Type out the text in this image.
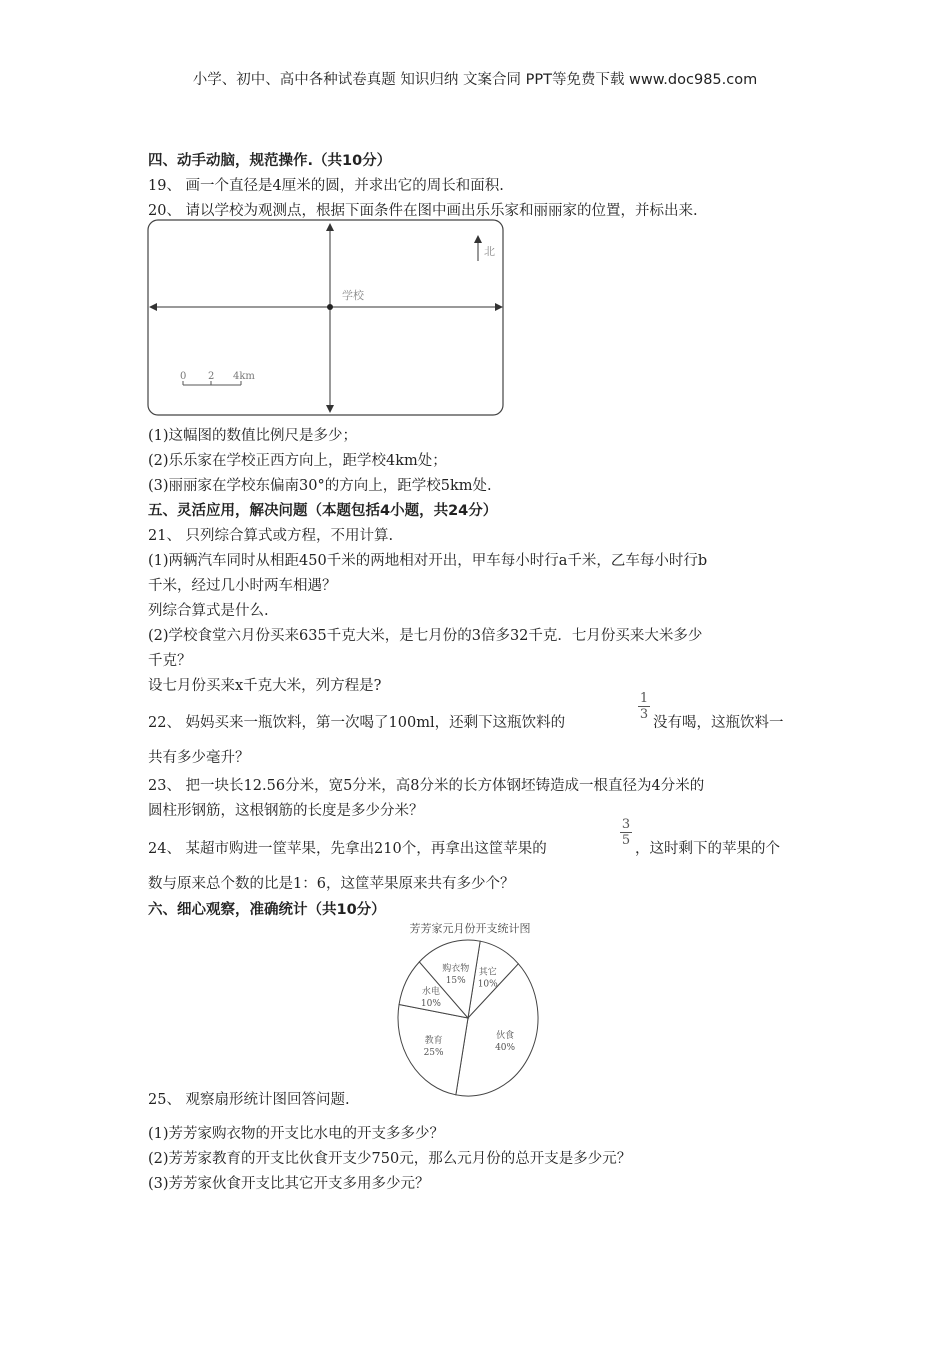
小学、初中、高中各种试卷真题 知识归纳 文案合同 PPT等免费下载 www.doc985.com
四、动手动脑，规范操作.（共10分）
19、 画一个直径是4厘米的圆，并求出它的周长和面积.
20、 请以学校为观测点，根据下面条件在图中画出乐乐家和丽丽家的位置，并标出来.
学校
北
0 2 4km
(1)这幅图的数值比例尺是多少；
(2)乐乐家在学校正西方向上，距学校4km处；
(3)丽丽家在学校东偏南30°的方向上，距学校5km处.
五、灵活应用，解决问题（本题包括4小题，共24分）
21、 只列综合算式或方程，不用计算.
(1)两辆汽车同时从相距450千米的两地相对开出，甲车每小时行a千米，乙车每小时行b
千米，经过几小时两车相遇？
列综合算式是什么.
(2)学校食堂六月份买来635千克大米，是七月份的3倍多32千克．七月份买来大米多少
千克？
设七月份买来x千克大米，列方程是?
22、 妈妈买来一瓶饮料，第一次喝了100ml，还剩下这瓶饮料的
1
3
没有喝，这瓶饮料一
共有多少毫升？
23、 把一块长12.56分米，宽5分米，高8分米的长方体钢坯铸造成一根直径为4分米的
圆柱形钢筋，这根钢筋的长度是多少分米？
24、 某超市购进一筐苹果，先拿出210个，再拿出这筐苹果的
3
5
，这时剩下的苹果的个
数与原来总个数的比是1：6，这筐苹果原来共有多少个？
六、细心观察，准确统计（共10分）
芳芳家元月份开支统计图
其它
10%
伙食
40%
教育
25%
水电
10%
购衣物
15%
25、 观察扇形统计图回答问题.
(1)芳芳家购衣物的开支比水电的开支多多少？
(2)芳芳家教育的开支比伙食开支少750元，那么元月份的总开支是多少元？
(3)芳芳家伙食开支比其它开支多用多少元？
